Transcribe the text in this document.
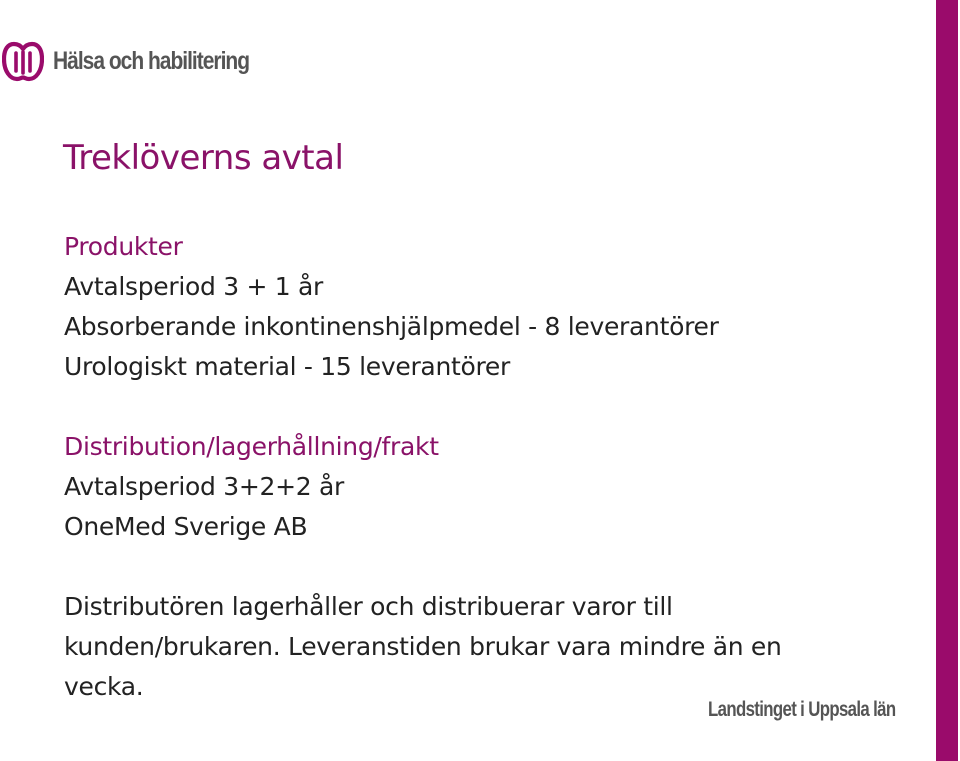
Hälsa och habilitering
Treklöverns avtal
Produkter
Avtalsperiod 3 + 1 år
Absorberande inkontinenshjälpmedel - 8 leverantörer
Urologiskt material - 15 leverantörer
Distribution/lagerhållning/frakt
Avtalsperiod 3+2+2 år
OneMed Sverige AB
Distributören lagerhåller och distribuerar varor till
kunden/brukaren. Leveranstiden brukar vara mindre än en
vecka.
Landstinget i Uppsala län
